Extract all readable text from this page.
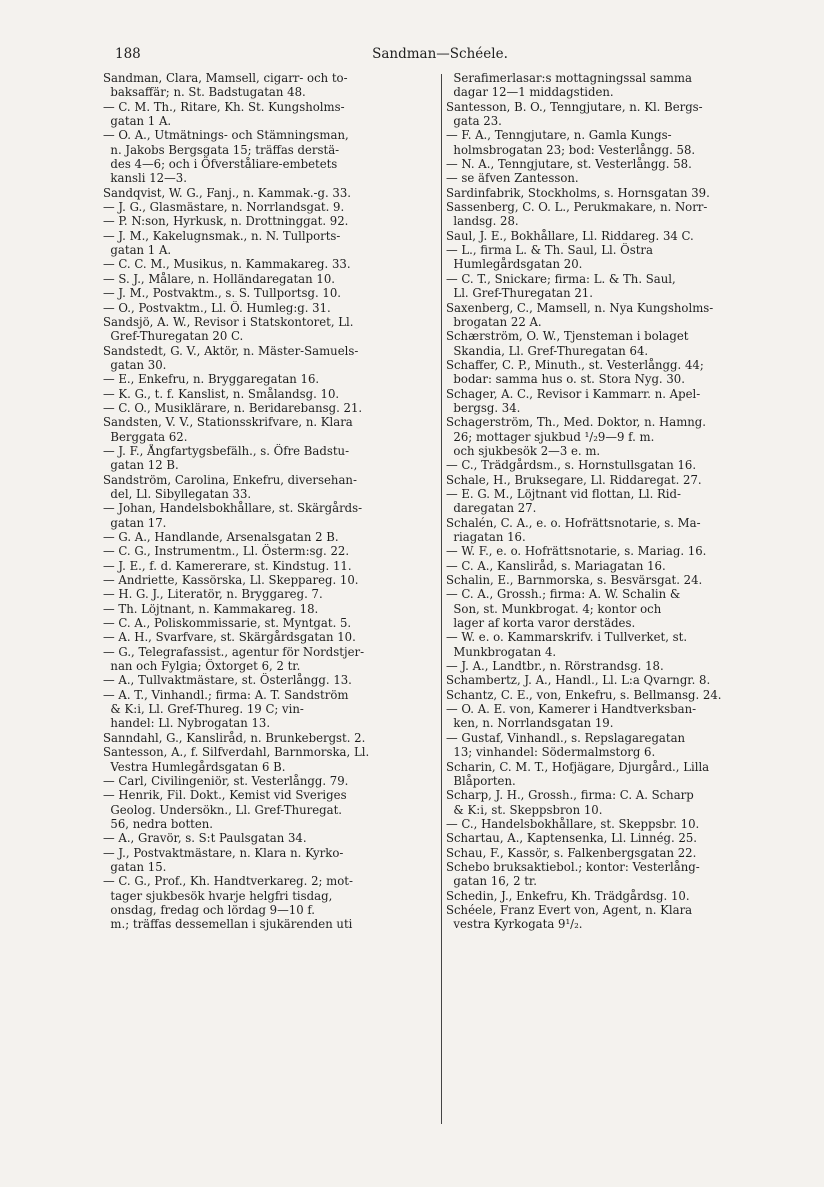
188	Sandman—Schéele.
Sandman, Clara, Mamsell, cigarr- och to-
baksaffär; n. St. Badstugatan 48.
— C. M. Th., Ritare, Kh. St. Kungsholms-
gatan 1 A.
— O. A., Utmätnings- och Stämningsman,
n. Jakobs Bergsgata 15; träffas derstä-
des 4—6; och i Öfverståliare-embetets
kansli 12—3.
Sandqvist, W. G., Fanj., n. Kammak.-g. 33.
— J. G., Glasmästare, n. Norrlandsgat. 9.
— P. N:son, Hyrkusk, n. Drottninggat. 92.
— J. M., Kakelugnsmak., n. N. Tullports-
gatan 1 A.
— C. C. M., Musikus, n. Kammakareg. 33.
— S. J., Målare, n. Holländaregatan 10.
— J. M., Postvaktm., s. S. Tullportsg. 10.
— O., Postvaktm., Ll. Ö. Humleg:g. 31.
Sandsjö, A. W., Revisor i Statskontoret, Ll.
Gref-Thuregatan 20 C.
Sandstedt, G. V., Aktör, n. Mäster-Samuels-
gatan 30.
— E., Enkefru, n. Bryggaregatan 16.
— K. G., t. f. Kanslist, n. Smålandsg. 10.
— C. O., Musiklärare, n. Beridarebansg. 21.
Sandsten, V. V., Stationsskrifvare, n. Klara
Berggata 62.
— J. F., Ångfartygsbefälh., s. Öfre Badstu-
gatan 12 B.
Sandström, Carolina, Enkefru, diversehan-
del, Ll. Sibyllegatan 33.
— Johan, Handelsbokhållare, st. Skärgårds-
gatan 17.
— G. A., Handlande, Arsenalsgatan 2 B.
— C. G., Instrumentm., Ll. Österm:sg. 22.
— J. E., f. d. Kamererare, st. Kindstug. 11.
— Andriette, Kassörska, Ll. Skeppareg. 10.
— H. G. J., Literatör, n. Bryggareg. 7.
— Th. Löjtnant, n. Kammakareg. 18.
— C. A., Poliskommissarie, st. Myntgat. 5.
— A. H., Svarfvare, st. Skärgårdsgatan 10.
— G., Telegrafassist., agentur för Nordstjer-
nan och Fylgia; Öxtorget 6, 2 tr.
— A., Tullvaktmästare, st. Österlångg. 13.
— A. T., Vinhandl.; firma: A. T. Sandström
& K:i, Ll. Gref-Thureg. 19 C; vin-
handel: Ll. Nybrogatan 13.
Sanndahl, G., Kanslіråd, n. Brunkebergst. 2.
Santesson, A., f. Silfverdahl, Barnmorska, Ll.
Vestra Humlegårdsgatan 6 B.
— Carl, Civilingeniör, st. Vesterlångg. 79.
— Henrik, Fil. Dokt., Kemist vid Sveriges
Geolog. Undersökn., Ll. Gref-Thuregat.
56, nedra botten.
— A., Gravör, s. S:t Paulsgatan 34.
— J., Postvaktmästare, n. Klara n. Kyrko-
gatan 15.
— C. G., Prof., Kh. Handtverkareg. 2; mot-
tager sjukbesök hvarje helgfri tisdag,
onsdag, fredag och lördag 9—10 f.
m.; träffas dessemellan i sjukärenden uti
Serafimerlasar:s mottagningssal samma
dagar 12—1 middagstiden.
Santesson, B. O., Tenngjutare, n. Kl. Bergs-
gata 23.
— F. A., Tenngjutare, n. Gamla Kungs-
holmsbrogatan 23; bod: Vesterlångg. 58.
— N. A., Tenngjutare, st. Vesterlångg. 58.
— se äfven Zantesson.
Sardinfabrik, Stockholms, s. Hornsgatan 39.
Sassenberg, C. O. L., Perukmakare, n. Norr-
landsg. 28.
Saul, J. E., Bokhållare, Ll. Riddareg. 34 C.
— L., firma L. & Th. Saul, Ll. Östra
Humlegårdsgatan 20.
— C. T., Snickare; firma: L. & Th. Saul,
Ll. Gref-Thuregatan 21.
Saxenberg, C., Mamsell, n. Nya Kungsholms-
brogatan 22 A.
Schærström, O. W., Tjensteman i bolaget
Skandia, Ll. Gref-Thuregatan 64.
Schaffer, C. P., Minuth., st. Vesterlångg. 44;
bodar: samma hus o. st. Stora Nyg. 30.
Schager, A. C., Revisor i Kammarr. n. Apel-
bergsg. 34.
Schagerström, Th., Med. Doktor, n. Hamng.
26; mottager sjukbud ¹/₂9—9 f. m.
och sjukbesök 2—3 e. m.
— C., Trädgårdsm., s. Hornstullsgatan 16.
Schale, H., Bruksegare, Ll. Riddaregat. 27.
— E. G. M., Löjtnant vid flottan, Ll. Rid-
daregatan 27.
Schalén, C. A., e. o. Hofrättsnotarie, s. Ma-
riagatan 16.
— W. F., e. o. Hofrättsnotarie, s. Mariag. 16.
— C. A., Kanslіråd, s. Mariagatan 16.
Schalin, E., Barnmorska, s. Besvärsgat. 24.
— C. A., Grossh.; firma: A. W. Schalin &
Son, st. Munkbrogat. 4; kontor och
lager af korta varor derstädes.
— W. e. o. Kammarskrifv. i Tullverket, st.
Munkbrogatan 4.
— J. A., Landtbr., n. Rörstrandsg. 18.
Schambertz, J. A., Handl., Ll. L:a Qvarngr. 8.
Schantz, C. E., von, Enkefru, s. Bellmansg. 24.
— O. A. E. von, Kamerer i Handtverksban-
ken, n. Norrlandsgatan 19.
— Gustaf, Vinhandl., s. Repslagaregatan
13; vinhandel: Södermalmstorg 6.
Scharin, C. M. T., Hofjägare, Djurgård., Lilla
Blåporten.
Scharp, J. H., Grossh., firma: C. A. Scharp
& K:i, st. Skeppsbron 10.
— C., Handelsbokhållare, st. Skeppsbr. 10.
Schartau, A., Kaptensenka, Ll. Linnég. 25.
Schau, F., Kassör, s. Falkenbergsgatan 22.
Schebo bruksaktiebol.; kontor: Vesterlång-
gatan 16, 2 tr.
Schedin, J., Enkefru, Kh. Trädgårdsg. 10.
Schéele, Franz Evert von, Agent, n. Klara
vestra Kyrkogata 9¹/₂.
